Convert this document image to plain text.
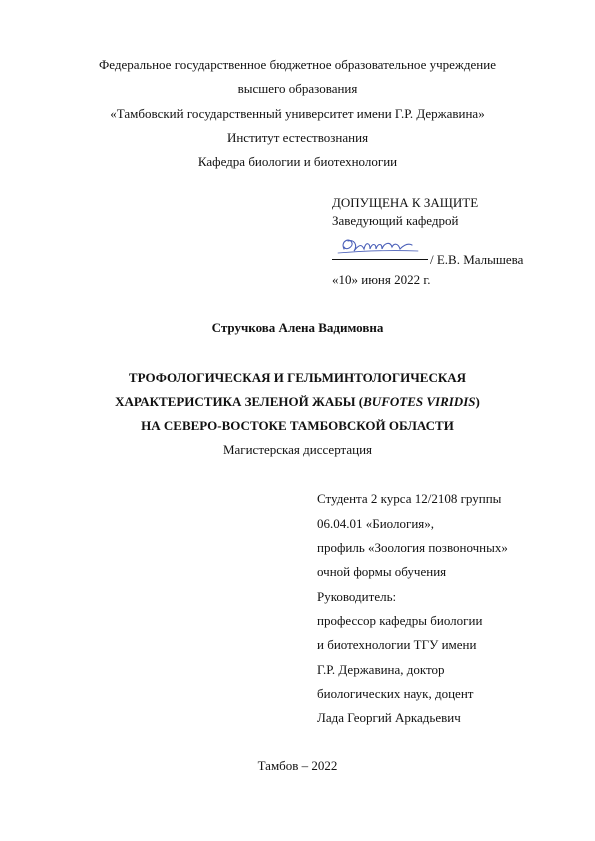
Федеральное государственное бюджетное образовательное учреждение
высшего образования
«Тамбовский государственный университет имени Г.Р. Державина»
Институт естествознания
Кафедра биологии и биотехнологии
ДОПУЩЕНА К ЗАЩИТЕ
Заведующий кафедрой
/ Е.В. Малышева
«10» июня 2022 г.
Стручкова Алена Вадимовна
ТРОФОЛОГИЧЕСКАЯ И ГЕЛЬМИНТОЛОГИЧЕСКАЯ
ХАРАКТЕРИСТИКА ЗЕЛЕНОЙ ЖАБЫ (BUFOTES VIRIDIS)
НА СЕВЕРО-ВОСТОКЕ ТАМБОВСКОЙ ОБЛАСТИ
Магистерская диссертация
Студента 2 курса 12/2108 группы
06.04.01 «Биология»,
профиль «Зоология позвоночных»
очной формы обучения
Руководитель:
профессор кафедры биологии
и биотехнологии ТГУ имени
Г.Р. Державина, доктор
биологических наук, доцент
Лада Георгий Аркадьевич
Тамбов – 2022
